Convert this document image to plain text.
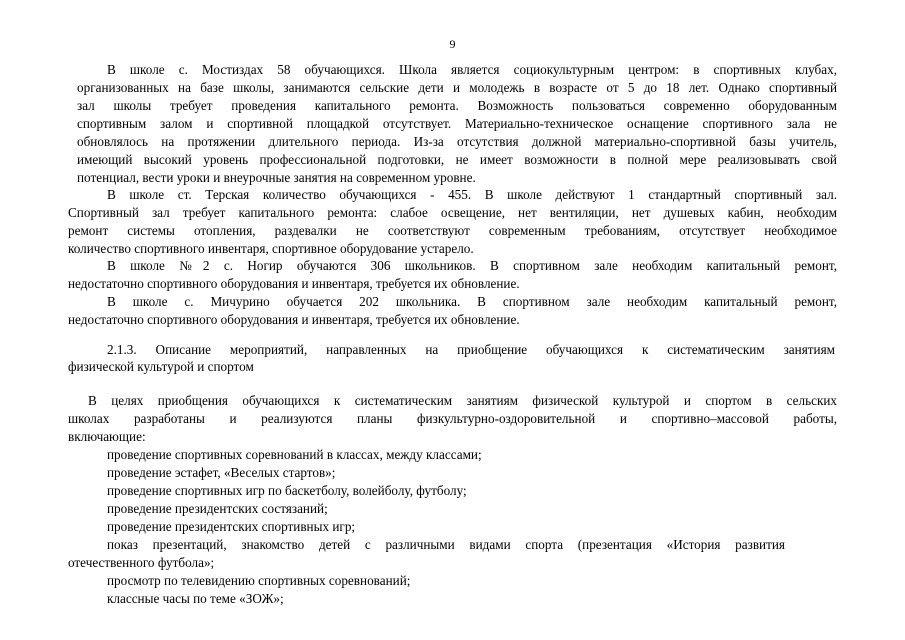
9

В школе с. Мостиздах 58 обучающихся. Школа является социокультурным центром: в спортивных клубах,

организованных на базе школы, занимаются сельские дети и молодежь в возрасте от 5 до 18 лет. Однако спортивный

зал школы требует проведения капитального ремонта. Возможность пользоваться современно оборудованным

спортивным залом и спортивной площадкой отсутствует. Материально-техническое оснащение спортивного зала не

обновлялось на протяжении длительного периода. Из-за отсутствия должной материально-спортивной базы учитель,

имеющий высокий уровень профессиональной подготовки, не имеет возможности в полной мере реализовывать свой

потенциал, вести уроки и внеурочные занятия на современном уровне.

В школе ст. Терская количество обучающихся - 455. В школе действуют 1 стандартный спортивный зал.

Спортивный зал требует капитального ремонта: слабое освещение, нет вентиляции, нет душевых кабин, необходим

ремонт системы отопления, раздевалки не соответствуют современным требованиям, отсутствует необходимое

количество спортивного инвентаря, спортивное оборудование устарело.

В школе №2 с. Ногир обучаются 306 школьников. В спортивном зале необходим капитальный ремонт,

недостаточно спортивного оборудования и инвентаря, требуется их обновление.

В школе с. Мичурино обучается 202 школьника. В спортивном зале необходим капитальный ремонт,

недостаточно спортивного оборудования и инвентаря, требуется их обновление.

2.1.3. Описание мероприятий, направленных на приобщение обучающихся к систематическим занятиям

физической культурой и спортом

В целях приобщения обучающихся к систематическим занятиям физической культурой и спортом в сельских

школах разработаны и реализуются планы физкультурно-оздоровительной и спортивно–массовой работы,

включающие:

проведение спортивных соревнований в классах, между классами;

проведение эстафет, «Веселых стартов»;

проведение спортивных игр по баскетболу, волейболу, футболу;

проведение президентских состязаний;

проведение президентских спортивных игр;

показ презентаций, знакомство детей с различными видами спорта (презентация «История развития

отечественного футбола»;

просмотр по телевидению спортивных соревнований;

классные часы по теме «ЗОЖ»;
